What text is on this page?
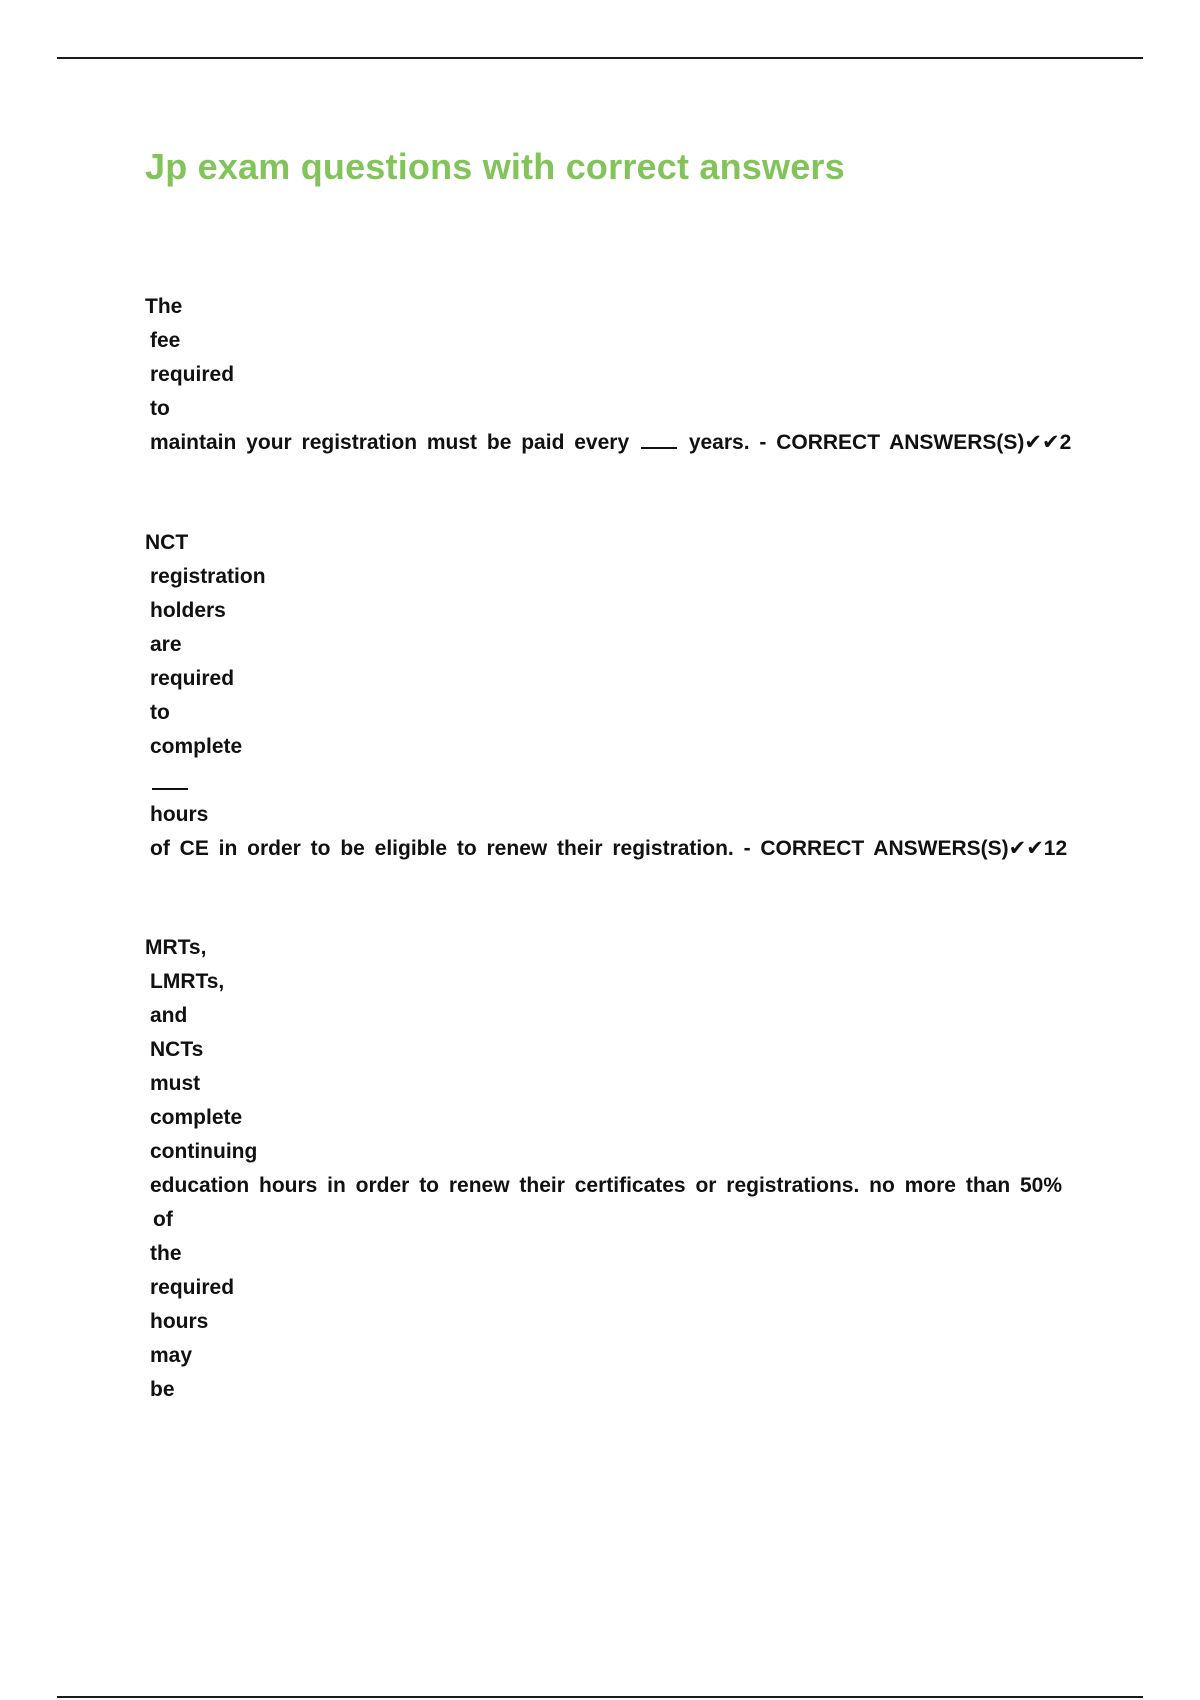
Jp exam questions with correct answers
The
fee
required
to
maintain your registration must be paid every	years. - CORRECT ANSWERS(S)✔✔2
NCT
registration
holders
are
required
to
complete
hours
of CE in order to be eligible to renew their registration. - CORRECT ANSWERS(S)✔✔12
MRTs,
LMRTs,
and
NCTs
must
complete
continuing
education hours in order to renew their certificates or registrations. no more than 50%
of
the
required
hours
may
be
